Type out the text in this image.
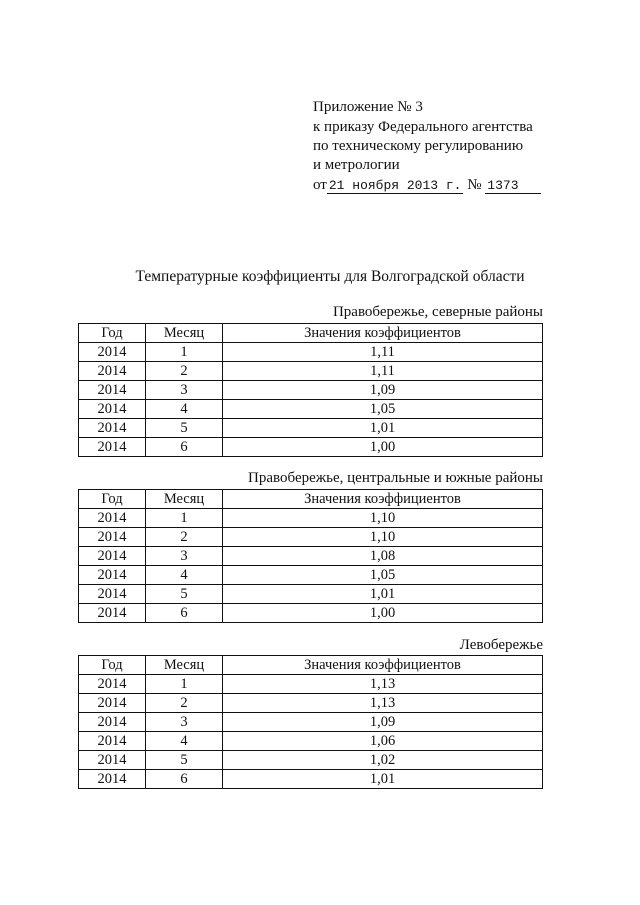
Приложение № 3
к приказу Федерального агентства
по техническому регулированию
и метрологии
от 21 ноября 2013 г. № 1373
Температурные коэффициенты для Волгоградской области
Правобережье, северные районы
Год	Месяц	Значения коэффициентов
2014	1	1,11
2014	2	1,11
2014	3	1,09
2014	4	1,05
2014	5	1,01
2014	6	1,00
Правобережье, центральные и южные районы
Год	Месяц	Значения коэффициентов
2014	1	1,10
2014	2	1,10
2014	3	1,08
2014	4	1,05
2014	5	1,01
2014	6	1,00
Левобережье
Год	Месяц	Значения коэффициентов
2014	1	1,13
2014	2	1,13
2014	3	1,09
2014	4	1,06
2014	5	1,02
2014	6	1,01
